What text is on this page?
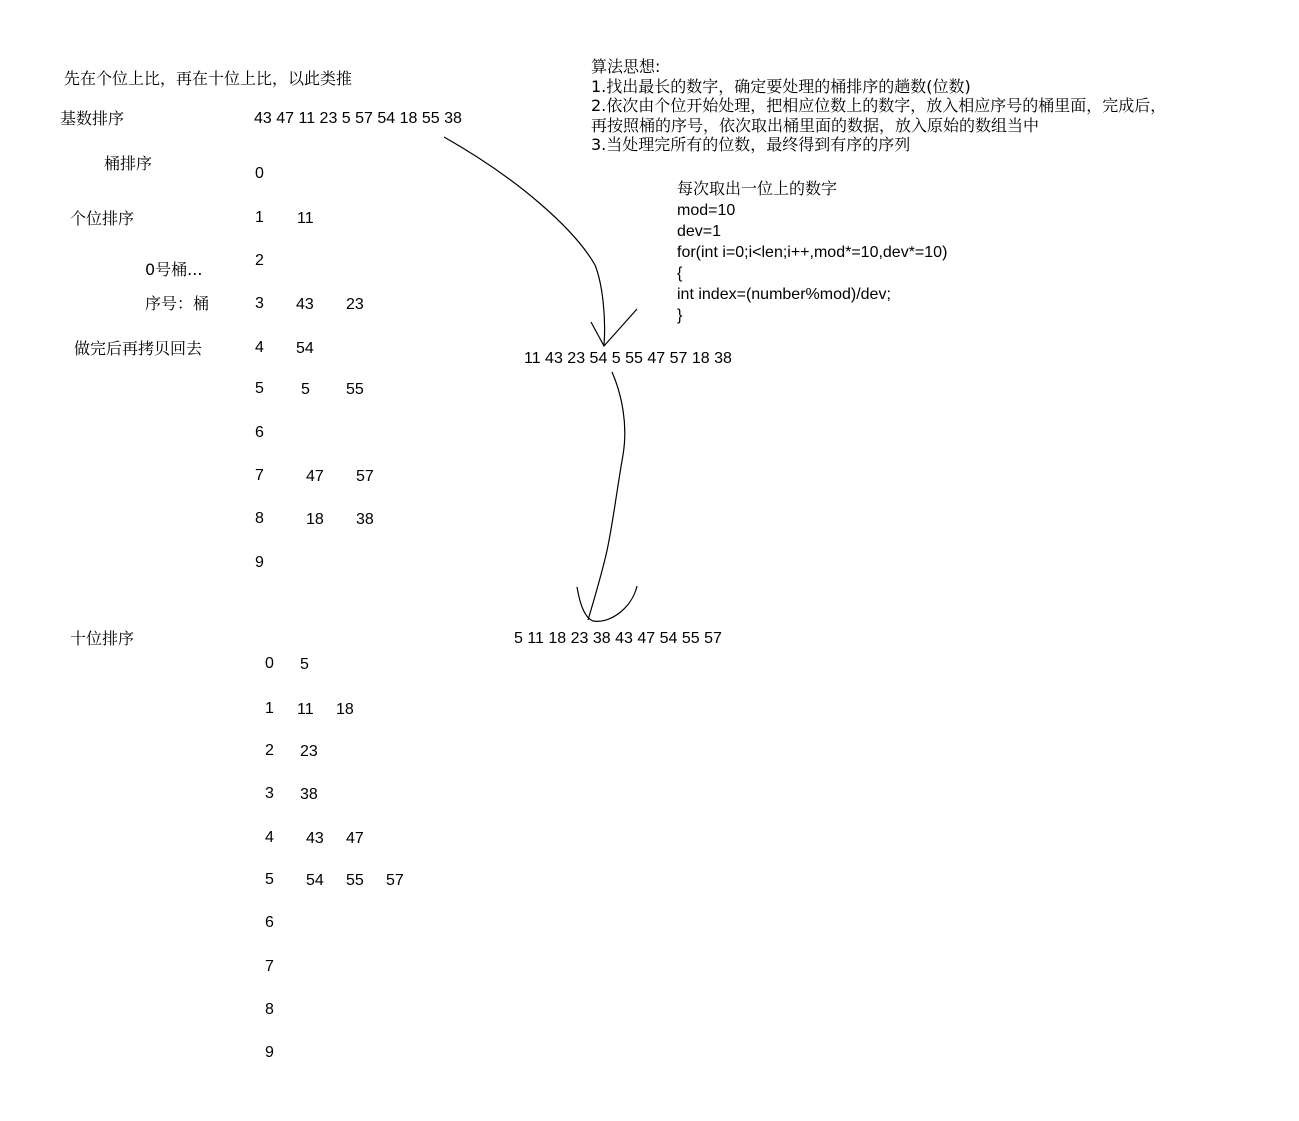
先在个位上比，再在十位上比，以此类推
基数排序
桶排序
个位排序
0号桶...
序号：桶
做完后再拷贝回去
十位排序
43 47 11 23 5 57 54 18 55 38
11 43 23 54 5 55 47 57 18 38
5 11 18 23 38 43 47 54 55 57
0
1 11
2
3 43 23
4 54
5 5 55
6
7	47 57
8	18 38
9
0 5
1 11 18
2 23
3 38
4 43 47
5 54 55 57
6
7
8
9
算法思想:
1.找出最长的数字，确定要处理的桶排序的趟数(位数)
2.依次由个位开始处理，把相应位数上的数字，放入相应序号的桶里面，完成后，
再按照桶的序号，依次取出桶里面的数据，放入原始的数组当中
3.当处理完所有的位数，最终得到有序的序列
每次取出一位上的数字
mod=10
dev=1
for(int i=0;i<len;i++,mod*=10,dev*=10)
{
int index=(number%mod)/dev;
}
